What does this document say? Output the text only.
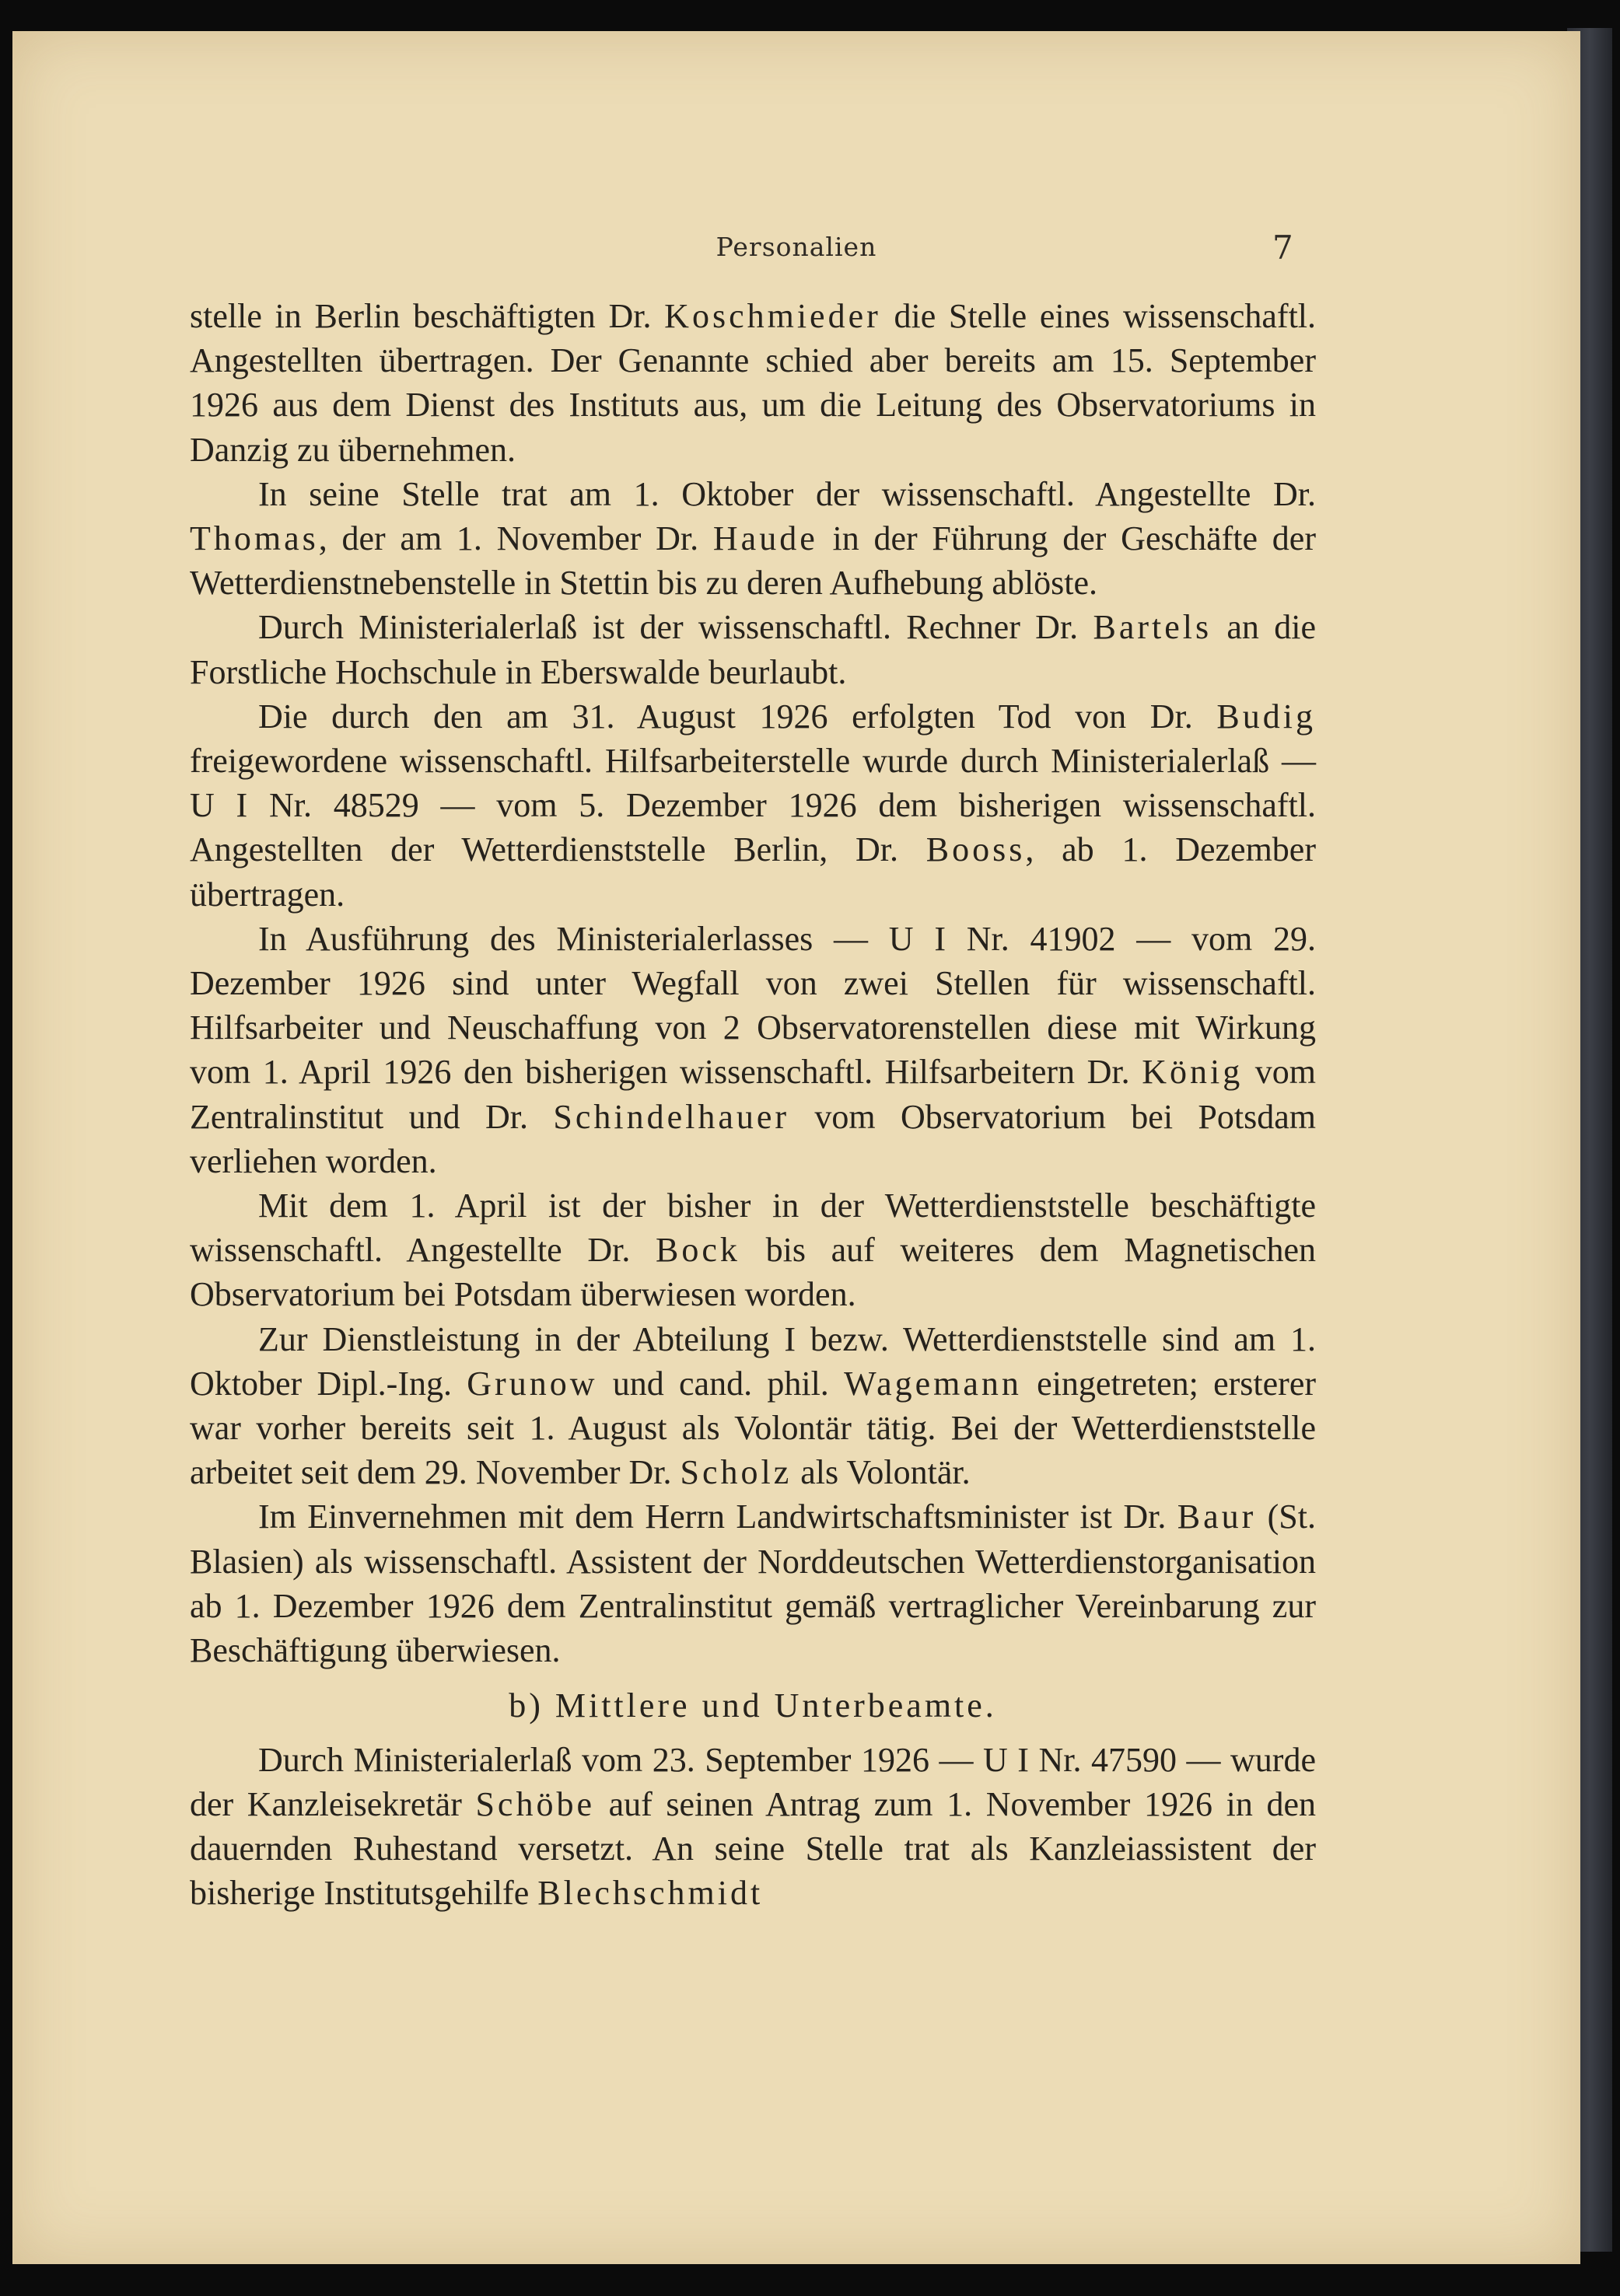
Personalien	7

stelle in Berlin beschäftigten Dr. Koschmieder die Stelle eines wissenschaftl. Angestellten übertragen. Der Genannte schied aber bereits am 15. September 1926 aus dem Dienst des Instituts aus, um die Leitung des Observatoriums in Danzig zu übernehmen.

In seine Stelle trat am 1. Oktober der wissenschaftl. Angestellte Dr. Thomas, der am 1. November Dr. Haude in der Führung der Geschäfte der Wetterdienstnebenstelle in Stettin bis zu deren Aufhebung ablöste.

Durch Ministerialerlaß ist der wissenschaftl. Rechner Dr. Bartels an die Forstliche Hochschule in Eberswalde beurlaubt.

Die durch den am 31. August 1926 erfolgten Tod von Dr. Budig freigewordene wissenschaftl. Hilfsarbeiterstelle wurde durch Ministerialerlaß — U I Nr. 48529 — vom 5. Dezember 1926 dem bisherigen wissenschaftl. Angestellten der Wetterdienststelle Berlin, Dr. Booss, ab 1. Dezember übertragen.

In Ausführung des Ministerialerlasses — U I Nr. 41902 — vom 29. Dezember 1926 sind unter Wegfall von zwei Stellen für wissenschaftl. Hilfsarbeiter und Neuschaffung von 2 Observatorenstellen diese mit Wirkung vom 1. April 1926 den bisherigen wissenschaftl. Hilfsarbeitern Dr. König vom Zentralinstitut und Dr. Schindelhauer vom Observatorium bei Potsdam verliehen worden.

Mit dem 1. April ist der bisher in der Wetterdienststelle beschäftigte wissenschaftl. Angestellte Dr. Bock bis auf weiteres dem Magnetischen Observatorium bei Potsdam überwiesen worden.

Zur Dienstleistung in der Abteilung I bezw. Wetterdienststelle sind am 1. Oktober Dipl.-Ing. Grunow und cand. phil. Wagemann eingetreten; ersterer war vorher bereits seit 1. August als Volontär tätig. Bei der Wetterdienststelle arbeitet seit dem 29. November Dr. Scholz als Volontär.

Im Einvernehmen mit dem Herrn Landwirtschaftsminister ist Dr. Baur (St. Blasien) als wissenschaftl. Assistent der Norddeutschen Wetterdienstorganisation ab 1. Dezember 1926 dem Zentralinstitut gemäß vertraglicher Vereinbarung zur Beschäftigung überwiesen.

b) Mittlere und Unterbeamte.

Durch Ministerialerlaß vom 23. September 1926 — U I Nr. 47590 — wurde der Kanzleisekretär Schöbe auf seinen Antrag zum 1. November 1926 in den dauernden Ruhestand versetzt. An seine Stelle trat als Kanzleiassistent der bisherige Institutsgehilfe Blechschmidt
